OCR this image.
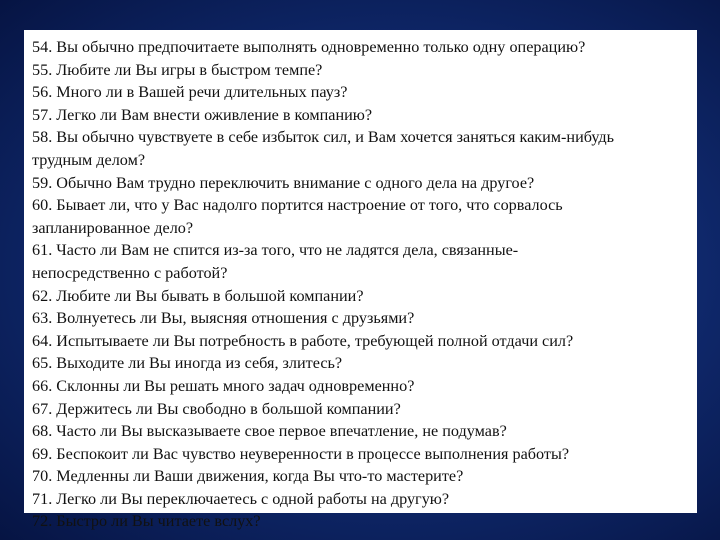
54. Вы обычно предпочитаете выполнять одновременно только одну операцию?

55. Любите ли Вы игры в быстром темпе?

56. Много ли в Вашей речи длительных пауз?

57. Легко ли Вам внести оживление в компанию?

58. Вы обычно чувствуете в себе избыток сил, и Вам хочется заняться каким-нибудь

трудным делом?

59. Обычно Вам трудно переключить внимание с одного дела на другое?

60. Бывает ли, что у Вас надолго портится настроение от того, что сорвалось

запланированное дело?

61. Часто ли Вам не спится из-за того, что не ладятся дела, связанные-

непосредственно с работой?

62. Любите ли Вы бывать в большой компании?

63. Волнуетесь ли Вы, выясняя отношения с друзьями?

64. Испытываете ли Вы потребность в работе, требующей полной отдачи сил?

65. Выходите ли Вы иногда из себя, злитесь?

66. Склонны ли Вы решать много задач одновременно?

67. Держитесь ли Вы свободно в большой компании?

68. Часто ли Вы высказываете свое первое впечатление, не подумав?

69. Беспокоит ли Вас чувство неуверенности в процессе выполнения работы?

70. Медленны ли Ваши движения, когда Вы что-то мастерите?

71. Легко ли Вы переключаетесь с одной работы на другую?

72. Быстро ли Вы читаете вслух?
